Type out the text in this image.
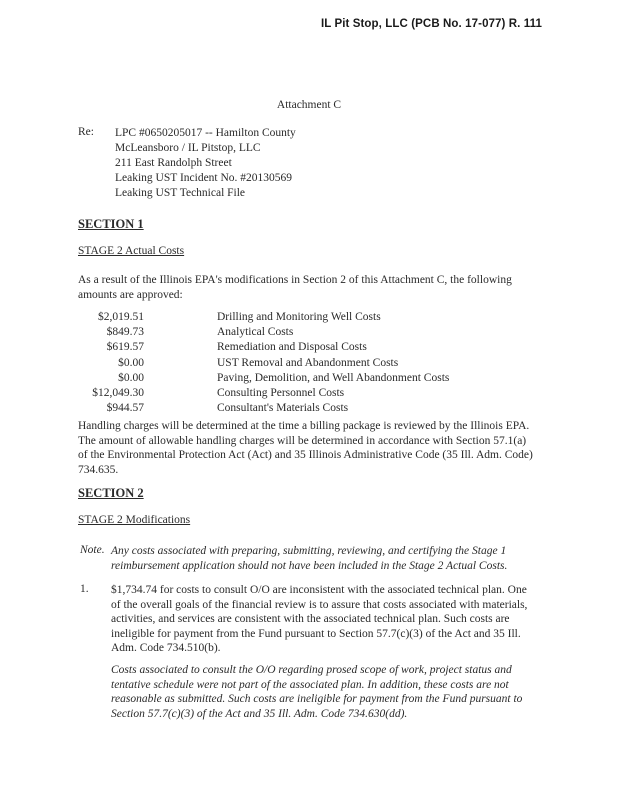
IL Pit Stop, LLC (PCB No. 17-077) R. 111
Attachment C
Re: LPC #0650205017 -- Hamilton County
McLeansboro / IL Pitstop, LLC
211 East Randolph Street
Leaking UST Incident No. #20130569
Leaking UST Technical File
SECTION 1
STAGE 2 Actual Costs
As a result of the Illinois EPA's modifications in Section 2 of this Attachment C, the following amounts are approved:
$2,019.51	Drilling and Monitoring Well Costs
$849.73	Analytical Costs
$619.57	Remediation and Disposal Costs
$0.00	UST Removal and Abandonment Costs
$0.00	Paving, Demolition, and Well Abandonment Costs
$12,049.30	Consulting Personnel Costs
$944.57	Consultant's Materials Costs
Handling charges will be determined at the time a billing package is reviewed by the Illinois EPA. The amount of allowable handling charges will be determined in accordance with Section 57.1(a) of the Environmental Protection Act (Act) and 35 Illinois Administrative Code (35 Ill. Adm. Code) 734.635.
SECTION 2
STAGE 2 Modifications
Note. Any costs associated with preparing, submitting, reviewing, and certifying the Stage 1 reimbursement application should not have been included in the Stage 2 Actual Costs.
1. $1,734.74 for costs to consult O/O are inconsistent with the associated technical plan. One of the overall goals of the financial review is to assure that costs associated with materials, activities, and services are consistent with the associated technical plan. Such costs are ineligible for payment from the Fund pursuant to Section 57.7(c)(3) of the Act and 35 Ill. Adm. Code 734.510(b).
Costs associated to consult the O/O regarding prosed scope of work, project status and tentative schedule were not part of the associated plan. In addition, these costs are not reasonable as submitted. Such costs are ineligible for payment from the Fund pursuant to Section 57.7(c)(3) of the Act and 35 Ill. Adm. Code 734.630(dd).
